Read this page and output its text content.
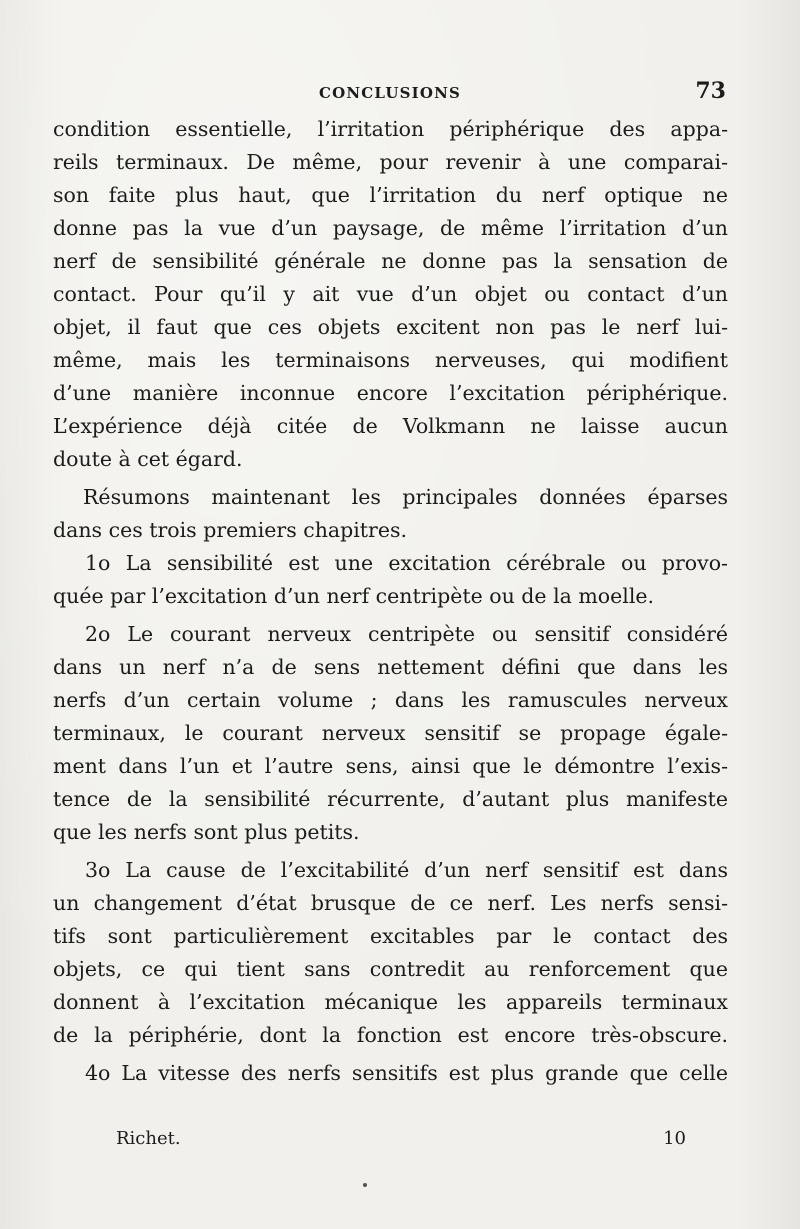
CONCLUSIONS	73
condition essentielle, l’irritation périphérique des appa-
reils terminaux. De même, pour revenir à une comparai-
son faite plus haut, que l’irritation du nerf optique ne
donne pas la vue d’un paysage, de même l’irritation d’un
nerf de sensibilité générale ne donne pas la sensation de
contact. Pour qu’il y ait vue d’un objet ou contact d’un
objet, il faut que ces objets excitent non pas le nerf lui-
même, mais les terminaisons nerveuses, qui modifient
d’une manière inconnue encore l’excitation périphérique.
L’expérience déjà citée de Volkmann ne laisse aucun
doute à cet égard.
Résumons maintenant les principales données éparses
dans ces trois premiers chapitres.
1o La sensibilité est une excitation cérébrale ou provo-
quée par l’excitation d’un nerf centripète ou de la moelle.
2o Le courant nerveux centripète ou sensitif considéré
dans un nerf n’a de sens nettement défini que dans les
nerfs d’un certain volume ; dans les ramuscules nerveux
terminaux, le courant nerveux sensitif se propage égale-
ment dans l’un et l’autre sens, ainsi que le démontre l’exis-
tence de la sensibilité récurrente, d’autant plus manifeste
que les nerfs sont plus petits.
3o La cause de l’excitabilité d’un nerf sensitif est dans
un changement d’état brusque de ce nerf. Les nerfs sensi-
tifs sont particulièrement excitables par le contact des
objets, ce qui tient sans contredit au renforcement que
donnent à l’excitation mécanique les appareils terminaux
de la périphérie, dont la fonction est encore très-obscure.
4o La vitesse des nerfs sensitifs est plus grande que celle
Richet.	10
